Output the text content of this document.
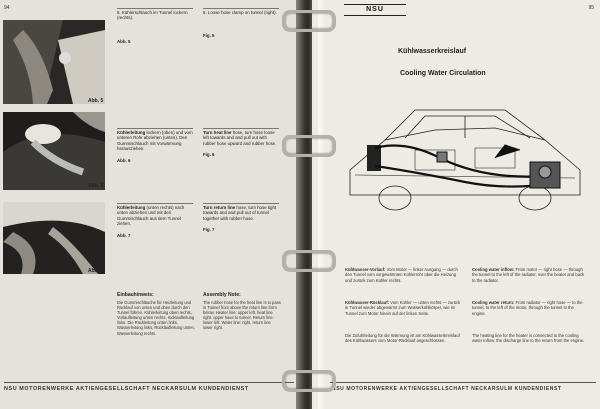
94
Abb. 5
5. Kühlerschlauch im Tunnel lockern (rechts).
Abb. 5
5. Loose hose clamp on tunnel (right).
Fig. 5
Abb. 6
Kühlerleitung lockern (oben) und vom unteren Rohr abziehen (unten). Den Gummischlauch mit Vorwärmung herausziehen.
Abb. 6
Turn heat line hose, turn hose loose left towards and and pull out with rubber hose upward and rubber hose.
Fig. 6
Abb. 7
Kühlerleitung (unten rechts) nach unten abziehen und mit den Gummischlauch aus dem Tunnel ziehen.
Abb. 7
Turn return line hose, turn hose tight towards and and pull out of tunnel together with rubber hose.
Fig. 7
Einbauhinweis:
Die Gummischläuche für Heizleitung und Rücklauf von unten und oben durch den Tunnel führen. Kühlerleitung oben rechts, Vorlaufleitung unten rechts, rücklaufleitung links. Die Rückleitung unten links, Wasserleitung links, Rücklaufleitung unten, Wasserleitung rechts.
Assembly Note:
The rubber hose for the heat line is to pass in Tunnel from above the return line from below. Heater line: upper left, heat line right. upper have to tunnel. Return line: lower left. Water line: right, return line lower right.
NSU MOTORENWERKE AKTIENGESELLSCHAFT NECKARSULM KUNDENDIENST
95
NSU
Kühlwasserkreislauf
Cooling Water Circulation
Kühlwasser-Vorlauf: Vom Motor — linker Ausgang — durch den Tunnel vom vorgewärmten Kühlerrohr über die Heizung und zurück zum Kühler rechts.
Kühlwasser-Rücklauf: Vom Kühler — unten rechts — zurück in Tunnel wieder abgewärmt zum Wasserkühlkörper, wie im Tunnel zum Motor hinein auf der linken Seite.
Die Zufuhrleitung für die Wärmung ist am Kühlwasserkreislauf des Kühlwassers vom Motor-Rücklauf angeschlossen.
Cooling water inflow: From motor — right hose — through the tunnel to the left of the radiator, over the heater and back to the radiator.
Cooling water return: From radiator — right hose — to the tunnel, to the left of the motor, through the tunnel to the engine.
The heating line for the heater is connected to the cooling water inflow, the discharge line to the return from the engine.
NSU MOTORENWERKE AKTIENGESELLSCHAFT NECKARSULM KUNDENDIENST
